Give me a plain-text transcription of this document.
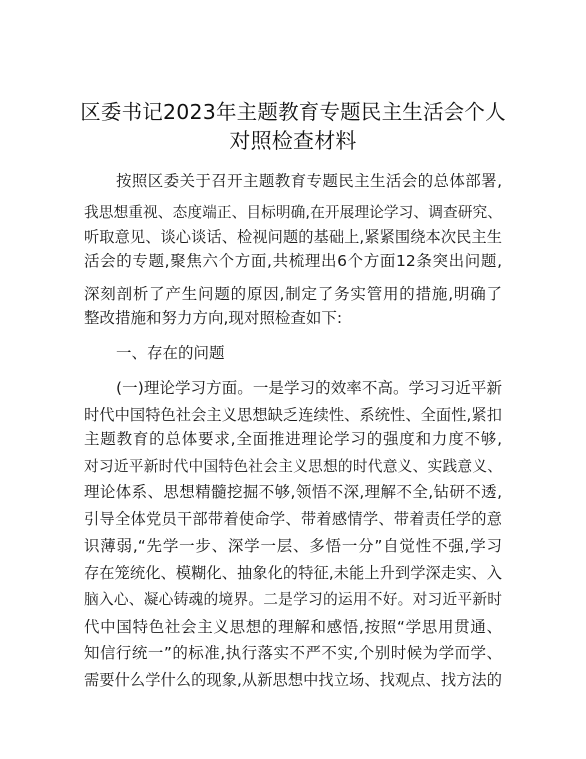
区委书记2023年主题教育专题民主生活会个人
对照检查材料
按照区委关于召开主题教育专题民主生活会的总体部署,
我思想重视、态度端正、目标明确,在开展理论学习、调查研究、
听取意见、谈心谈话、检视问题的基础上,紧紧围绕本次民主生
活会的专题,聚焦六个方面,共梳理出6个方面12条突出问题,
深刻剖析了产生问题的原因,制定了务实管用的措施,明确了
整改措施和努力方向,现对照检查如下:
一、存在的问题
(一)理论学习方面。一是学习的效率不高。学习习近平新
时代中国特色社会主义思想缺乏连续性、系统性、全面性,紧扣
主题教育的总体要求,全面推进理论学习的强度和力度不够,
对习近平新时代中国特色社会主义思想的时代意义、实践意义、
理论体系、思想精髓挖掘不够,领悟不深,理解不全,钻研不透,
引导全体党员干部带着使命学、带着感情学、带着责任学的意
识薄弱,“先学一步、深学一层、多悟一分”自觉性不强,学习
存在笼统化、模糊化、抽象化的特征,未能上升到学深走实、入
脑入心、凝心铸魂的境界。二是学习的运用不好。对习近平新时
代中国特色社会主义思想的理解和感悟,按照“学思用贯通、
知信行统一”的标准,执行落实不严不实,个别时候为学而学、
需要什么学什么的现象,从新思想中找立场、找观点、找方法的
